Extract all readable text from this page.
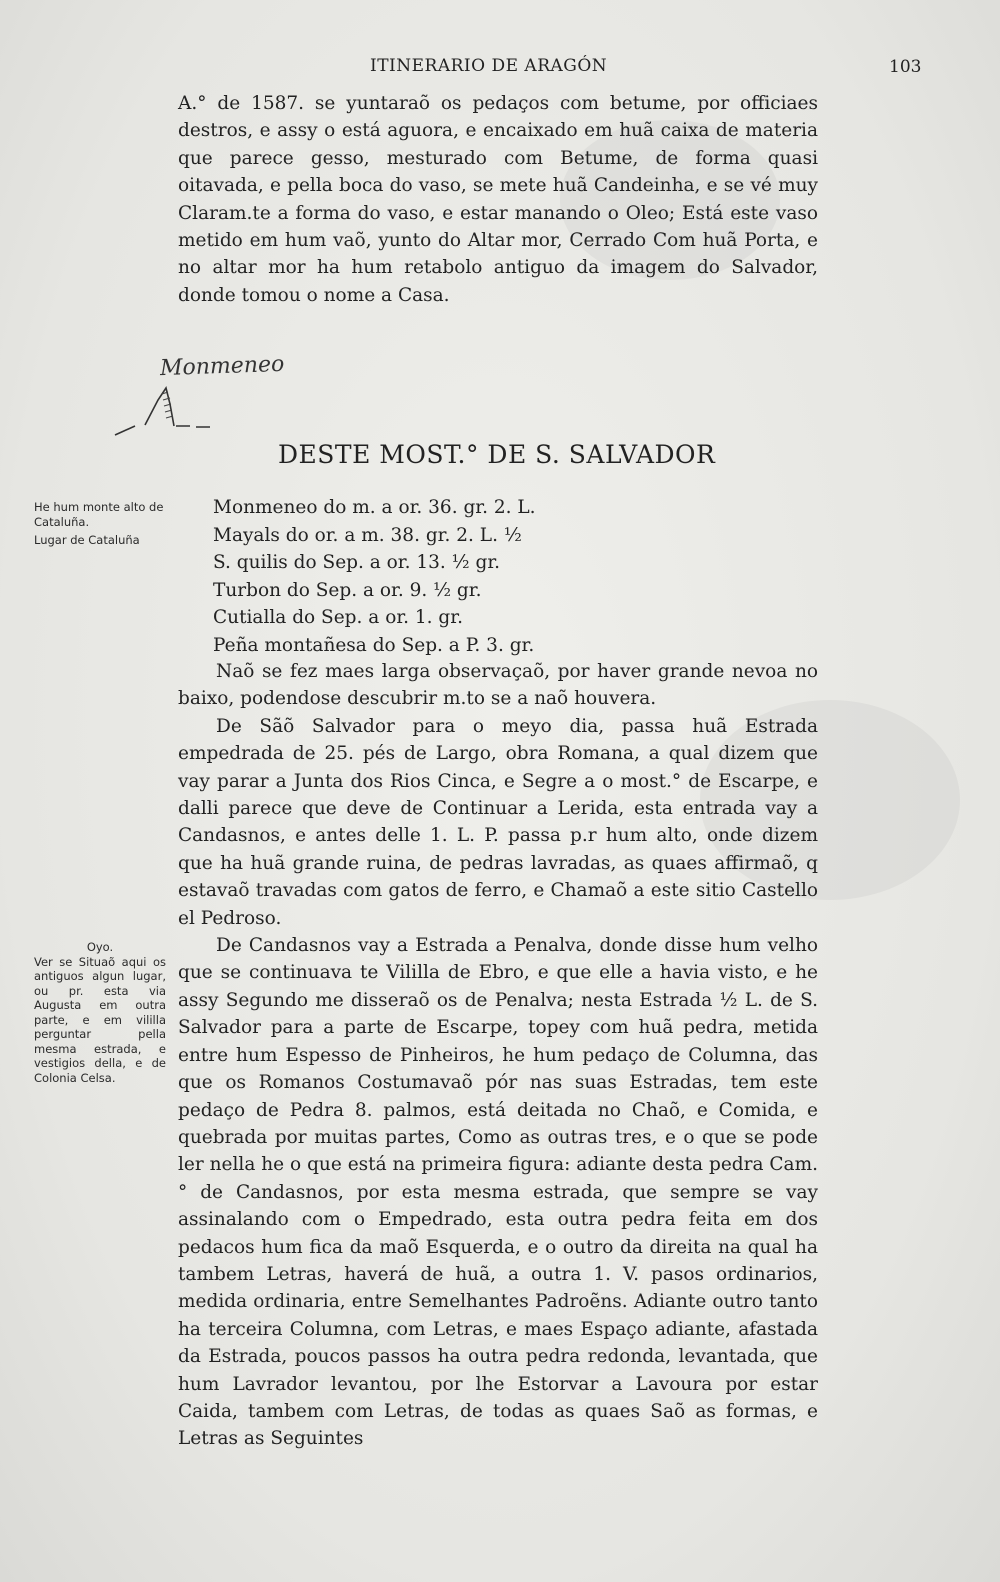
ITINERARIO DE ARAGÓN	103

A.° de 1587. se yuntaraõ os pedaços com betume, por officiaes destros, e assy o está aguora, e encaixado em huã caixa de materia que parece gesso, mesturado com Betume, de forma quasi oitavada, e pella boca do vaso, se mete huã Candeinha, e se vé muy Claram.te a forma do vaso, e estar manando o Oleo; Está este vaso metido em hum vaõ, yunto do Altar mor, Cerrado Com huã Porta, e no altar mor ha hum retabolo antiguo da imagem do Salvador, donde tomou o nome a Casa.

Monmeneo
DESTE MOST.° DE S. SALVADOR
He hum monte alto de Cataluña.
Lugar de Cataluña
Monmeneo do m. a or. 36. gr. 2. L.
Mayals do or. a m. 38. gr. 2. L. ½
S. quilis do Sep. a or. 13. ½ gr.
Turbon do Sep. a or. 9. ½ gr.
Cutialla do Sep. a or. 1. gr.
Peña montañesa do Sep. a P. 3. gr.

Naõ se fez maes larga observaçaõ, por haver grande nevoa no baixo, podendose descubrir m.to se a naõ houvera.

De Sãõ Salvador para o meyo dia, passa huã Estrada empedrada de 25. pés de Largo, obra Romana, a qual dizem que vay parar a Junta dos Rios Cinca, e Segre a o most.° de Escarpe, e dalli parece que deve de Continuar a Lerida, esta entrada vay a Candasnos, e antes delle 1. L. P. passa p.r hum alto, onde dizem que ha huã grande ruina, de pedras lavradas, as quaes affirmaõ, q estavaõ travadas com gatos de ferro, e Chamaõ a este sitio Castello el Pedroso.

De Candasnos vay a Estrada a Penalva, donde disse hum velho que se continuava te Vililla de Ebro, e que elle a havia visto, e he assy Segundo me disseraõ os de Penalva; nesta Estrada ½ L. de S. Salvador para a parte de Escarpe, topey com huã pedra, metida entre hum Espesso de Pinheiros, he hum pedaço de Columna, das que os Romanos Costumavaõ pór nas suas Estradas, tem este pedaço de Pedra 8. palmos, está deitada no Chaõ, e Comida, e quebrada por muitas partes, Como as outras tres, e o que se pode ler nella he o que está na primeira figura: adiante desta pedra Cam.° de Candasnos, por esta mesma estrada, que sempre se vay assinalando com o Empedrado, esta outra pedra feita em dos pedacos hum fica da maõ Esquerda, e o outro da direita na qual ha tambem Letras, haverá de huã, a outra 1. V. pasos ordinarios, medida ordinaria, entre Semelhantes Padroẽns. Adiante outro tanto ha terceira Columna, com Letras, e maes Espaço adiante, afastada da Estrada, poucos passos ha outra pedra redonda, levantada, que hum Lavrador levantou, por lhe Estorvar a Lavoura por estar Caida, tambem com Letras, de todas as quaes Saõ as formas, e Letras as Seguintes

Oyo.
Ver se Situaõ aqui os antiguos algun lugar, ou pr. esta via Augusta em outra parte, e em vililla perguntar pella mesma estrada, e vestigios della, e de Colonia Celsa.
